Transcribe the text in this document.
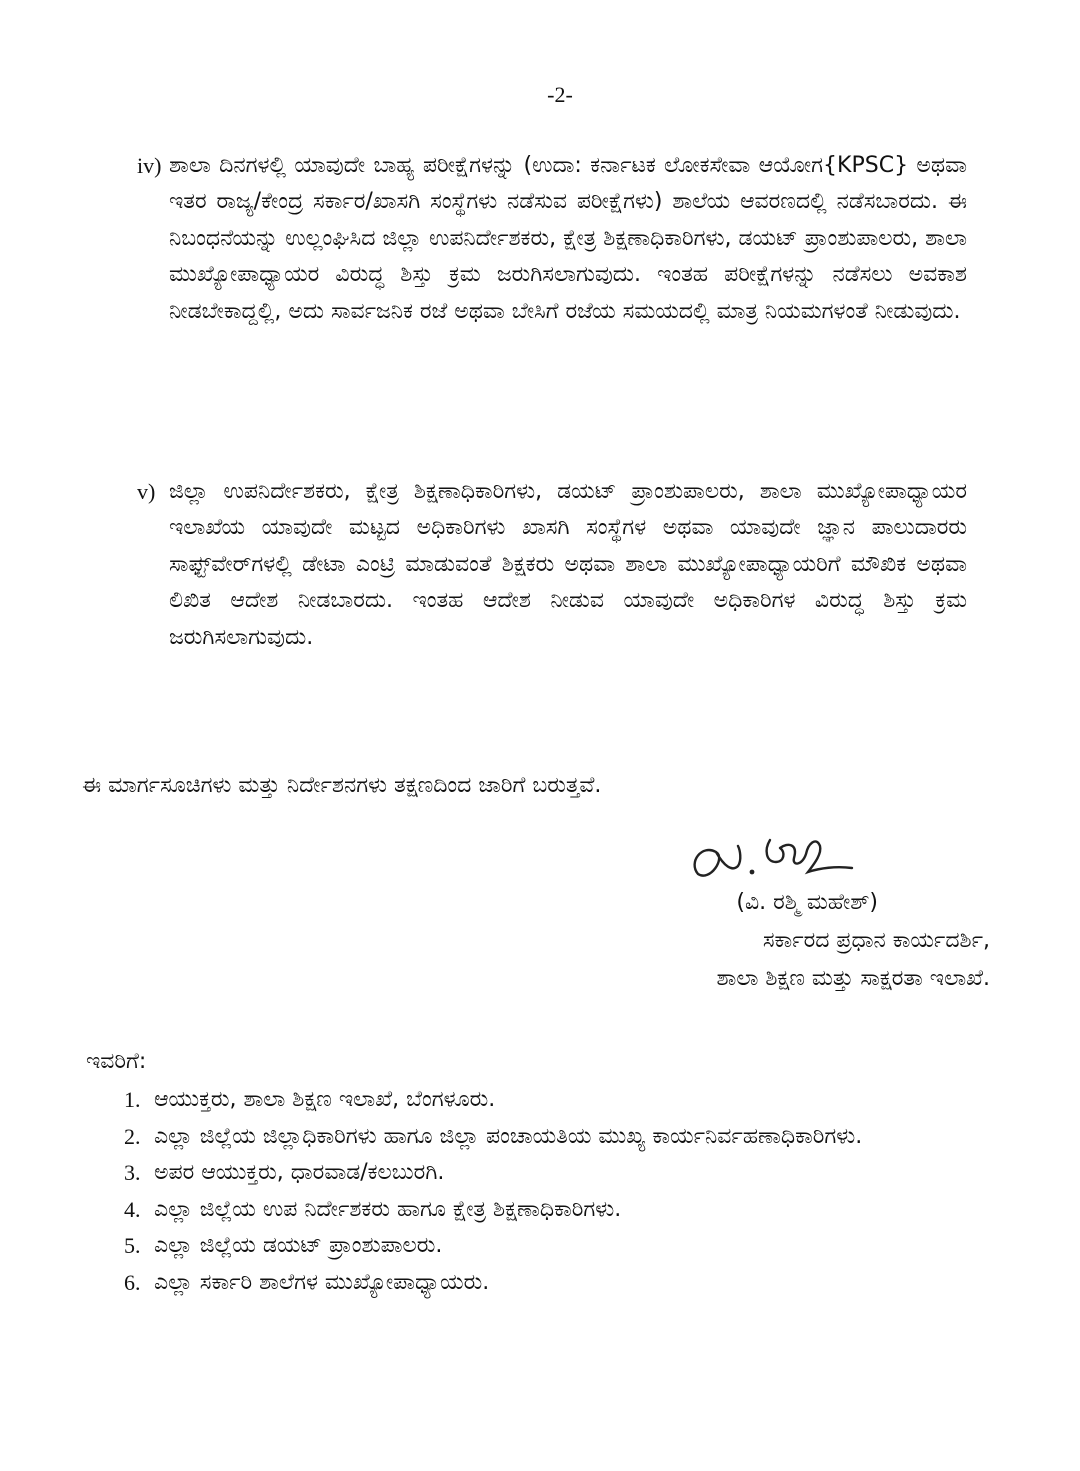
-2-
iv) ಶಾಲಾ ದಿನಗಳಲ್ಲಿ ಯಾವುದೇ ಬಾಹ್ಯ ಪರೀಕ್ಷೆಗಳನ್ನು (ಉದಾ: ಕರ್ನಾಟಕ ಲೋಕಸೇವಾ ಆಯೋಗ{KPSC} ಅಥವಾ ಇತರ ರಾಜ್ಯ/ಕೇಂದ್ರ ಸರ್ಕಾರ/ಖಾಸಗಿ ಸಂಸ್ಥೆಗಳು ನಡೆಸುವ ಪರೀಕ್ಷೆಗಳು) ಶಾಲೆಯ ಆವರಣದಲ್ಲಿ ನಡೆಸಬಾರದು. ಈ ನಿಬಂಧನೆಯನ್ನು ಉಲ್ಲಂಘಿಸಿದ ಜಿಲ್ಲಾ ಉಪನಿರ್ದೇಶಕರು, ಕ್ಷೇತ್ರ ಶಿಕ್ಷಣಾಧಿಕಾರಿಗಳು, ಡಯಟ್ ಪ್ರಾಂಶುಪಾಲರು, ಶಾಲಾ ಮುಖ್ಯೋಪಾಧ್ಯಾಯರ ವಿರುದ್ಧ ಶಿಸ್ತು ಕ್ರಮ ಜರುಗಿಸಲಾಗುವುದು. ಇಂತಹ ಪರೀಕ್ಷೆಗಳನ್ನು ನಡೆಸಲು ಅವಕಾಶ ನೀಡಬೇಕಾದ್ದಲ್ಲಿ, ಅದು ಸಾರ್ವಜನಿಕ ರಜೆ ಅಥವಾ ಬೇಸಿಗೆ ರಜೆಯ ಸಮಯದಲ್ಲಿ ಮಾತ್ರ ನಿಯಮಗಳಂತೆ ನೀಡುವುದು.
v) ಜಿಲ್ಲಾ ಉಪನಿರ್ದೇಶಕರು, ಕ್ಷೇತ್ರ ಶಿಕ್ಷಣಾಧಿಕಾರಿಗಳು, ಡಯಟ್ ಪ್ರಾಂಶುಪಾಲರು, ಶಾಲಾ ಮುಖ್ಯೋಪಾಧ್ಯಾಯರ ಇಲಾಖೆಯ ಯಾವುದೇ ಮಟ್ಟದ ಅಧಿಕಾರಿಗಳು ಖಾಸಗಿ ಸಂಸ್ಥೆಗಳ ಅಥವಾ ಯಾವುದೇ ಜ್ಞಾನ ಪಾಲುದಾರರು ಸಾಫ್ಟ್‌ವೇರ್‌ಗಳಲ್ಲಿ ಡೇಟಾ ಎಂಟ್ರಿ ಮಾಡುವಂತೆ ಶಿಕ್ಷಕರು ಅಥವಾ ಶಾಲಾ ಮುಖ್ಯೋಪಾಧ್ಯಾಯರಿಗೆ ಮೌಖಿಕ ಅಥವಾ ಲಿಖಿತ ಆದೇಶ ನೀಡಬಾರದು. ಇಂತಹ ಆದೇಶ ನೀಡುವ ಯಾವುದೇ ಅಧಿಕಾರಿಗಳ ವಿರುದ್ಧ ಶಿಸ್ತು ಕ್ರಮ ಜರುಗಿಸಲಾಗುವುದು.
ಈ ಮಾರ್ಗಸೂಚಿಗಳು ಮತ್ತು ನಿರ್ದೇಶನಗಳು ತಕ್ಷಣದಿಂದ ಜಾರಿಗೆ ಬರುತ್ತವೆ.
(ವಿ. ರಶ್ಮಿ ಮಹೇಶ್)
ಸರ್ಕಾರದ ಪ್ರಧಾನ ಕಾರ್ಯದರ್ಶಿ,
ಶಾಲಾ ಶಿಕ್ಷಣ ಮತ್ತು ಸಾಕ್ಷರತಾ ಇಲಾಖೆ.
ಇವರಿಗೆ:
1. ಆಯುಕ್ತರು, ಶಾಲಾ ಶಿಕ್ಷಣ ಇಲಾಖೆ, ಬೆಂಗಳೂರು.
2. ಎಲ್ಲಾ ಜಿಲ್ಲೆಯ ಜಿಲ್ಲಾಧಿಕಾರಿಗಳು ಹಾಗೂ ಜಿಲ್ಲಾ ಪಂಚಾಯತಿಯ ಮುಖ್ಯ ಕಾರ್ಯನಿರ್ವಹಣಾಧಿಕಾರಿಗಳು.
3. ಅಪರ ಆಯುಕ್ತರು, ಧಾರವಾಡ/ಕಲಬುರಗಿ.
4. ಎಲ್ಲಾ ಜಿಲ್ಲೆಯ ಉಪ ನಿರ್ದೇಶಕರು ಹಾಗೂ ಕ್ಷೇತ್ರ ಶಿಕ್ಷಣಾಧಿಕಾರಿಗಳು.
5. ಎಲ್ಲಾ ಜಿಲ್ಲೆಯ ಡಯಟ್ ಪ್ರಾಂಶುಪಾಲರು.
6. ಎಲ್ಲಾ ಸರ್ಕಾರಿ ಶಾಲೆಗಳ ಮುಖ್ಯೋಪಾಧ್ಯಾಯರು.
